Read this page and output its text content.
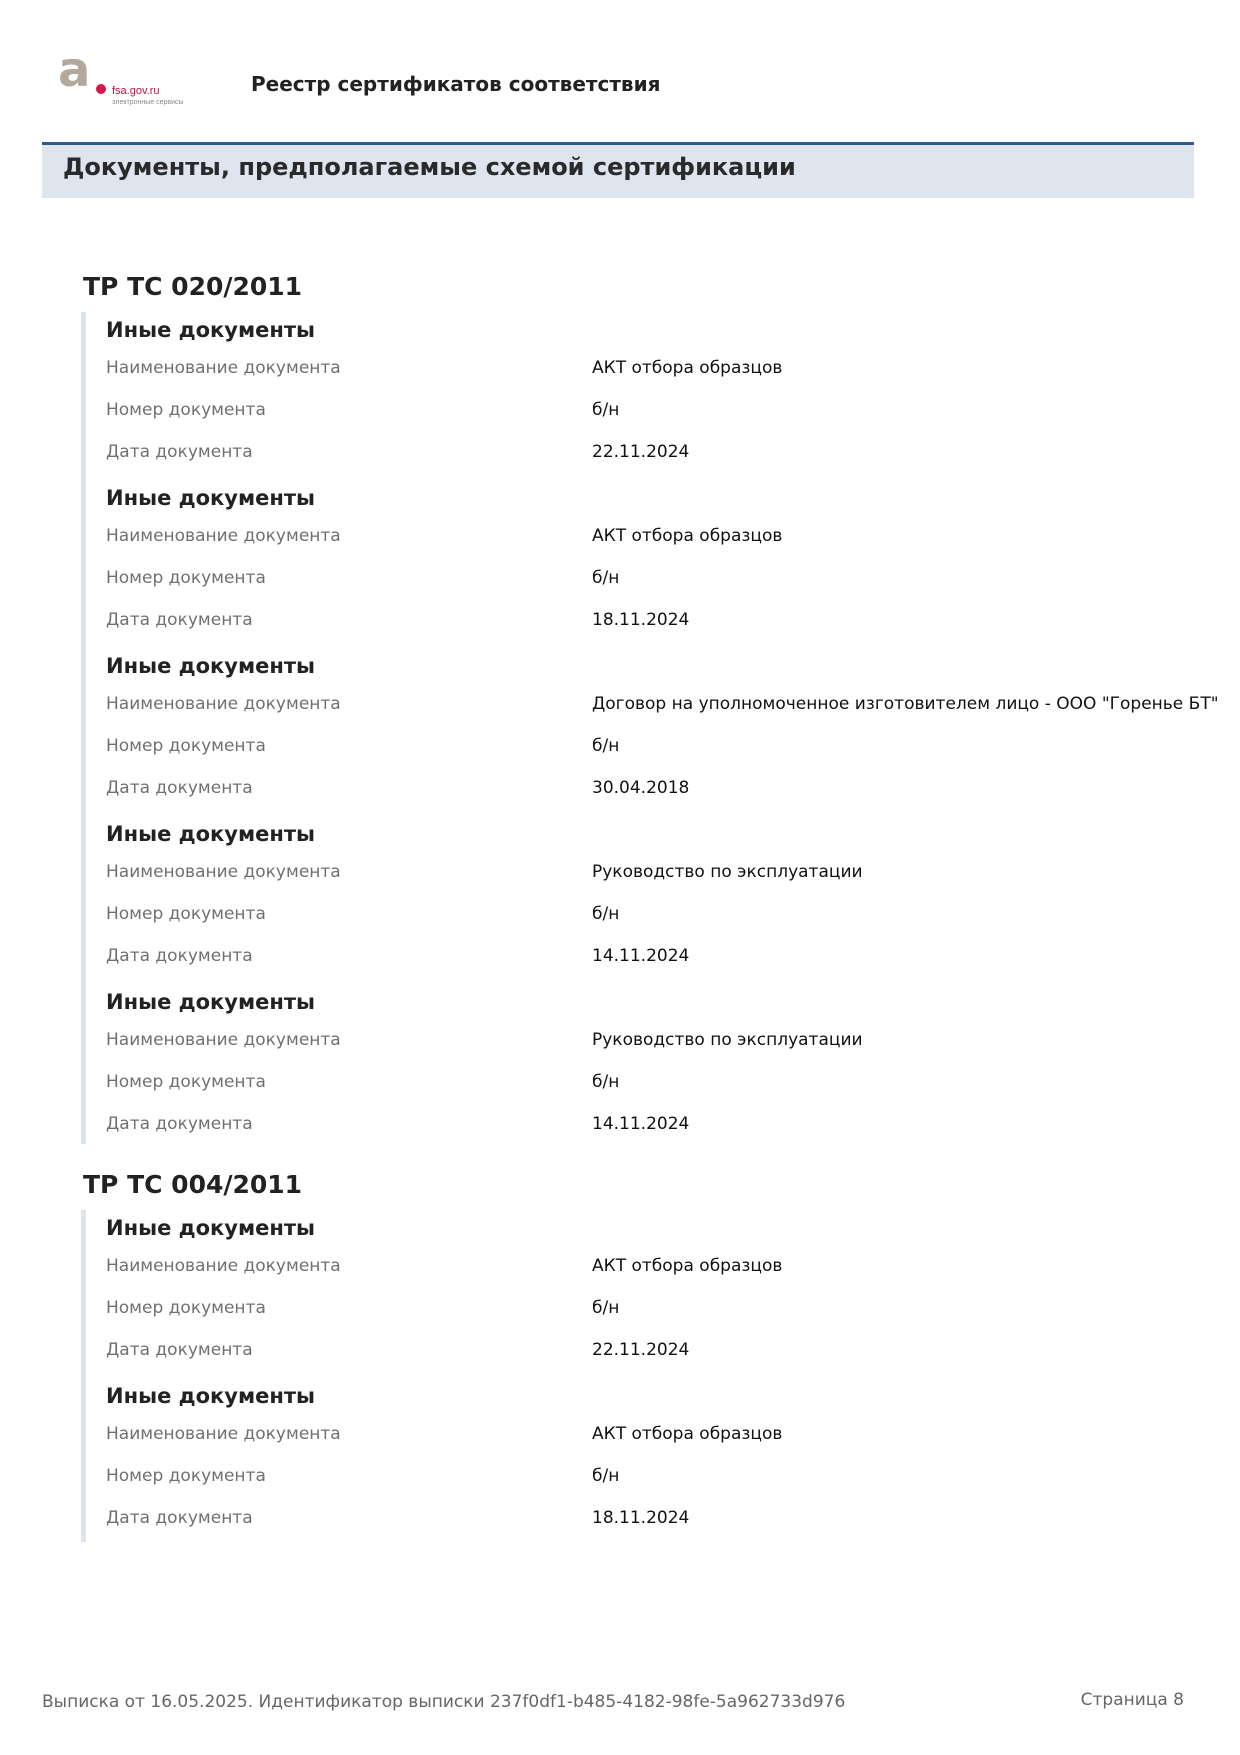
а fsa.gov.ru
электронные сервисы
Реестр сертификатов соответствия
Документы, предполагаемые схемой сертификации
ТР ТС 020/2011
Иные документы
Наименование документа	АКТ отбора образцов
Номер документа	б/н
Дата документа	22.11.2024
Иные документы
Наименование документа	АКТ отбора образцов
Номер документа	б/н
Дата документа	18.11.2024
Иные документы
Наименование документа	Договор на уполномоченное изготовителем лицо - ООО "Горенье БТ"
Номер документа	б/н
Дата документа	30.04.2018
Иные документы
Наименование документа	Руководство по эксплуатации
Номер документа	б/н
Дата документа	14.11.2024
Иные документы
Наименование документа	Руководство по эксплуатации
Номер документа	б/н
Дата документа	14.11.2024
ТР ТС 004/2011
Иные документы
Наименование документа	АКТ отбора образцов
Номер документа	б/н
Дата документа	22.11.2024
Иные документы
Наименование документа	АКТ отбора образцов
Номер документа	б/н
Дата документа	18.11.2024
Выписка от 16.05.2025. Идентификатор выписки 237f0df1-b485-4182-98fe-5a962733d976	Страница 8
